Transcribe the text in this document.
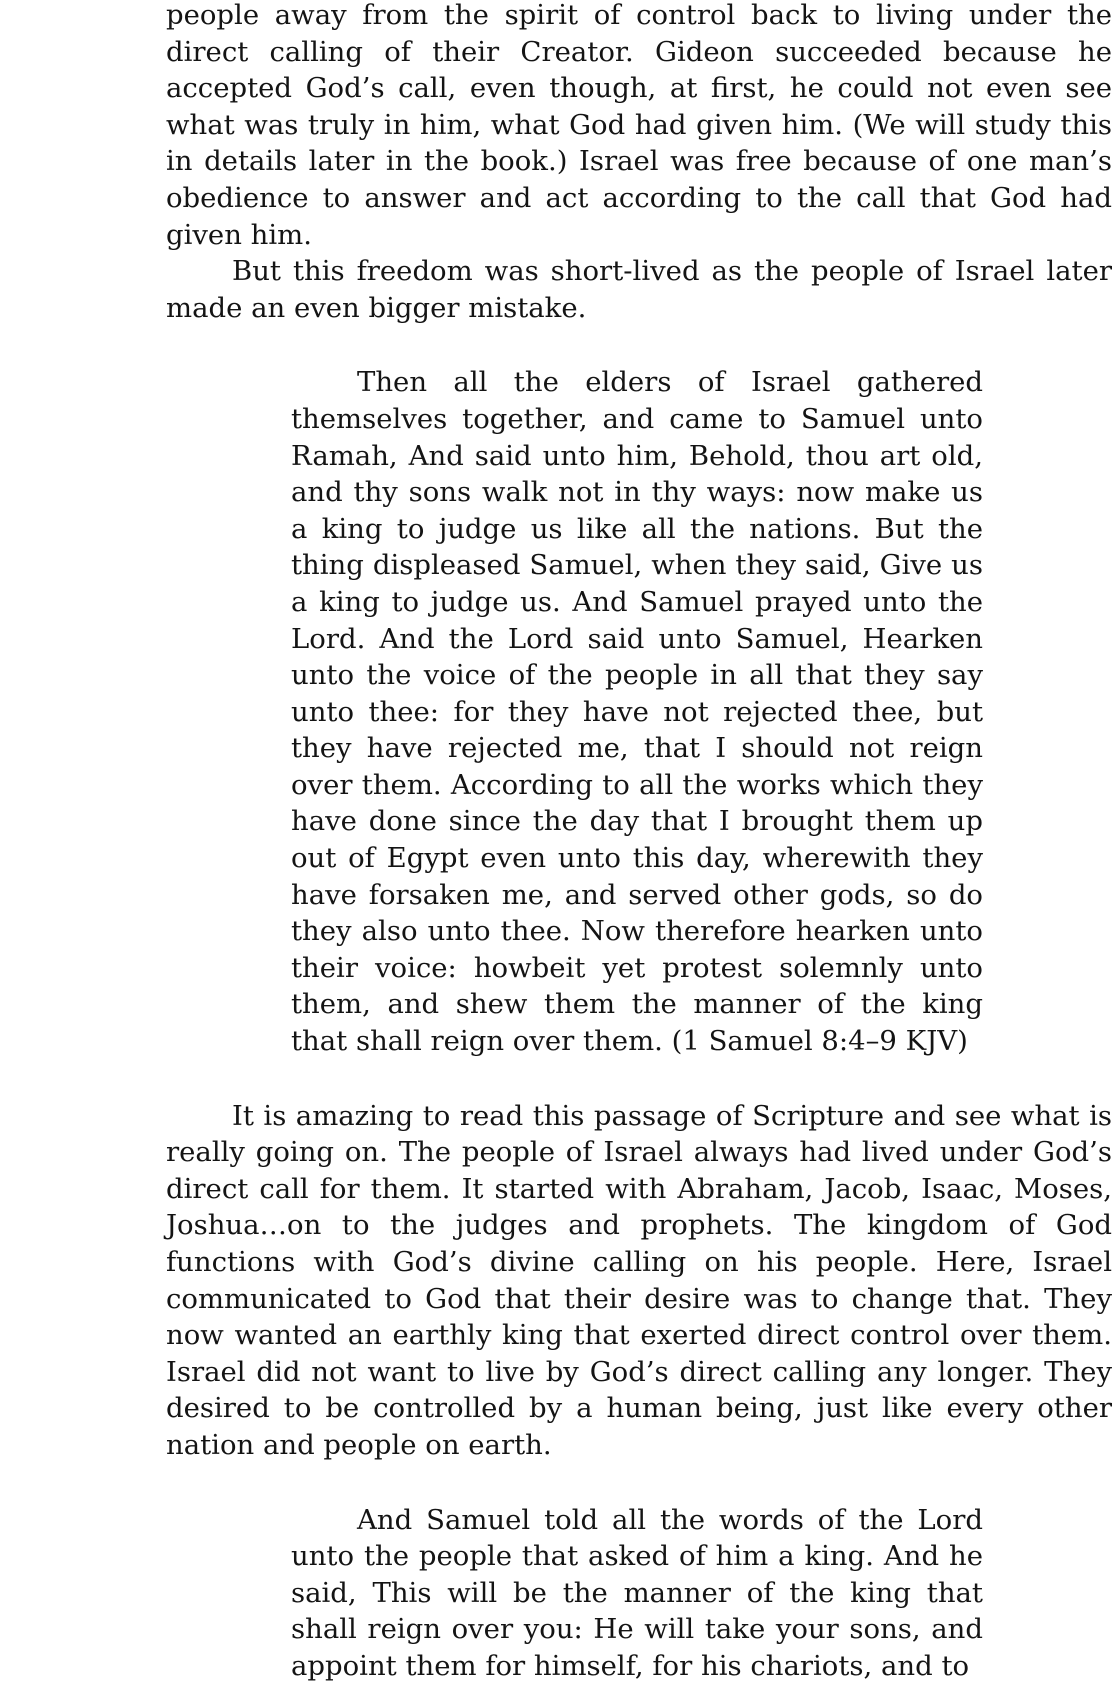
people away from the spirit of control back to living under the direct calling of their Creator. Gideon succeeded because he accepted God’s call, even though, at first, he could not even see what was truly in him, what God had given him. (We will study this in details later in the book.) Israel was free because of one man’s obedience to answer and act according to the call that God had given him.

But this freedom was short-lived as the people of Israel later made an even bigger mistake.

Then all the elders of Israel gathered themselves together, and came to Samuel unto Ramah, And said unto him, Behold, thou art old, and thy sons walk not in thy ways: now make us a king to judge us like all the nations. But the thing displeased Samuel, when they said, Give us a king to judge us. And Samuel prayed unto the Lord. And the Lord said unto Samuel, Hearken unto the voice of the people in all that they say unto thee: for they have not rejected thee, but they have rejected me, that I should not reign over them. According to all the works which they have done since the day that I brought them up out of Egypt even unto this day, wherewith they have forsaken me, and served other gods, so do they also unto thee. Now therefore hearken unto their voice: howbeit yet protest solemnly unto them, and shew them the manner of the king that shall reign over them. (1 Samuel 8:4–9 KJV)

It is amazing to read this passage of Scripture and see what is really going on. The people of Israel always had lived under God’s direct call for them. It started with Abraham, Jacob, Isaac, Moses, Joshua…on to the judges and prophets. The kingdom of God functions with God’s divine calling on his people. Here, Israel communicated to God that their desire was to change that. They now wanted an earthly king that exerted direct control over them. Israel did not want to live by God’s direct calling any longer. They desired to be controlled by a human being, just like every other nation and people on earth.

And Samuel told all the words of the Lord unto the people that asked of him a king. And he said, This will be the manner of the king that shall reign over you: He will take your sons, and appoint them for himself, for his chariots, and to
